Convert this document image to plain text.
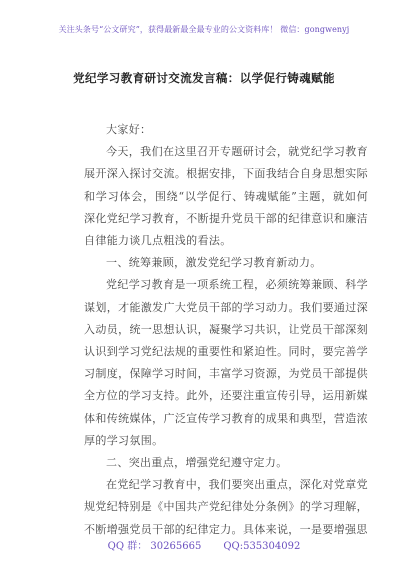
关注头条号“公文研究”，获得最新最全最专业的公文资料库！ 微信：gongwenyj
党纪学习教育研讨交流发言稿：以学促行铸魂赋能

大家好：

今天，我们在这里召开专题研讨会，就党纪学习教育展开深入探讨交流。根据安排，下面我结合自身思想实际和学习体会，围绕“以学促行、铸魂赋能”主题，就如何深化党纪学习教育，不断提升党员干部的纪律意识和廉洁自律能力谈几点粗浅的看法。

一、统筹兼顾，激发党纪学习教育新动力。

党纪学习教育是一项系统工程，必须统筹兼顾、科学谋划，才能激发广大党员干部的学习动力。我们要通过深入动员，统一思想认识，凝聚学习共识，让党员干部深刻认识到学习党纪法规的重要性和紧迫性。同时，要完善学习制度，保障学习时间，丰富学习资源，为党员干部提供全方位的学习支持。此外，还要注重宣传引导，运用新媒体和传统媒体，广泛宣传学习教育的成果和典型，营造浓厚的学习氛围。

二、突出重点，增强党纪遵守定力。

在党纪学习教育中，我们要突出重点，深化对党章党规党纪特别是《中国共产党纪律处分条例》的学习理解，不断增强党员干部的纪律定力。具体来说，一是要增强思

QQ 群： 30265665 QQ:535304092
